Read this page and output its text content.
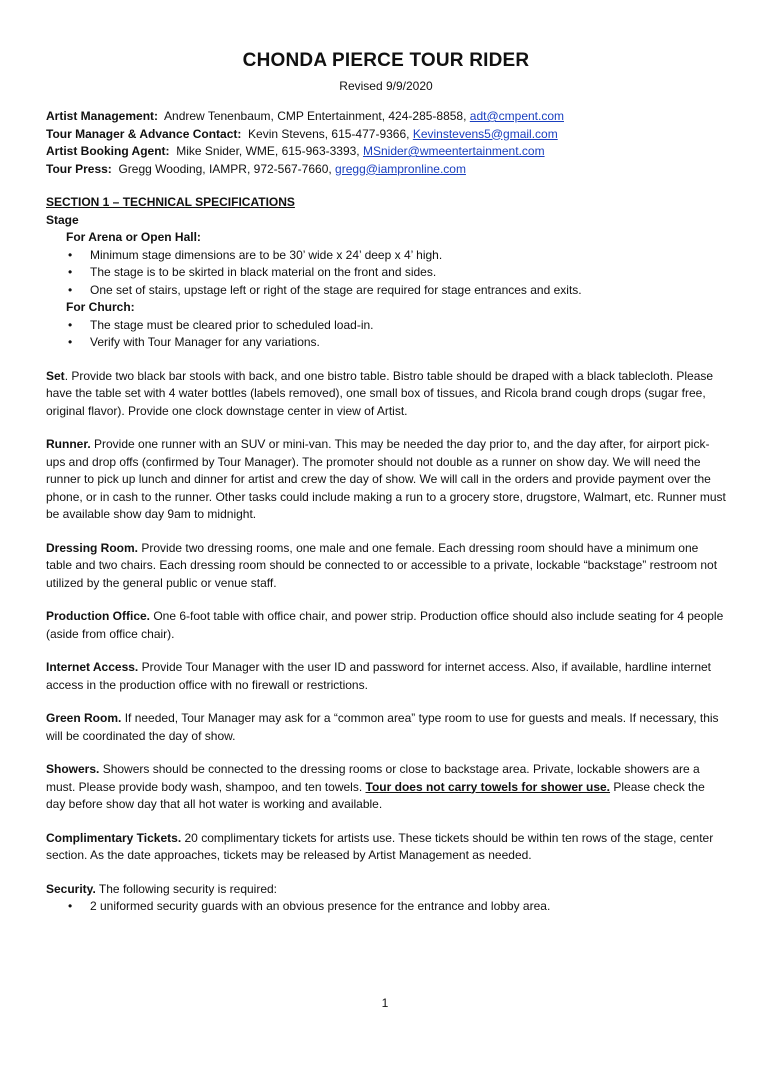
CHONDA PIERCE TOUR RIDER
Revised 9/9/2020
Artist Management: Andrew Tenenbaum, CMP Entertainment, 424-285-8858, adt@cmpent.com
Tour Manager & Advance Contact: Kevin Stevens, 615-477-9366, Kevinstevens5@gmail.com
Artist Booking Agent: Mike Snider, WME, 615-963-3393, MSnider@wmeentertainment.com
Tour Press: Gregg Wooding, IAMPR, 972-567-7660, gregg@iampronline.com
SECTION 1 – TECHNICAL SPECIFICATIONS
Stage
For Arena or Open Hall:
• Minimum stage dimensions are to be 30’ wide x 24’ deep x 4’ high.
• The stage is to be skirted in black material on the front and sides.
• One set of stairs, upstage left or right of the stage are required for stage entrances and exits.
For Church:
• The stage must be cleared prior to scheduled load-in.
• Verify with Tour Manager for any variations.

Set. Provide two black bar stools with back, and one bistro table. Bistro table should be draped with a black tablecloth. Please have the table set with 4 water bottles (labels removed), one small box of tissues, and Ricola brand cough drops (sugar free, original flavor). Provide one clock downstage center in view of Artist.

Runner. Provide one runner with an SUV or mini-van. This may be needed the day prior to, and the day after, for airport pick-ups and drop offs (confirmed by Tour Manager). The promoter should not double as a runner on show day. We will need the runner to pick up lunch and dinner for artist and crew the day of show. We will call in the orders and provide payment over the phone, or in cash to the runner. Other tasks could include making a run to a grocery store, drugstore, Walmart, etc. Runner must be available show day 9am to midnight.

Dressing Room. Provide two dressing rooms, one male and one female. Each dressing room should have a minimum one table and two chairs. Each dressing room should be connected to or accessible to a private, lockable “backstage” restroom not utilized by the general public or venue staff.

Production Office. One 6-foot table with office chair, and power strip. Production office should also include seating for 4 people (aside from office chair).

Internet Access. Provide Tour Manager with the user ID and password for internet access. Also, if available, hardline internet access in the production office with no firewall or restrictions.

Green Room. If needed, Tour Manager may ask for a “common area” type room to use for guests and meals. If necessary, this will be coordinated the day of show.

Showers. Showers should be connected to the dressing rooms or close to backstage area. Private, lockable showers are a must. Please provide body wash, shampoo, and ten towels. Tour does not carry towels for shower use. Please check the day before show day that all hot water is working and available.

Complimentary Tickets. 20 complimentary tickets for artists use. These tickets should be within ten rows of the stage, center section. As the date approaches, tickets may be released by Artist Management as needed.

Security. The following security is required:

• 2 uniformed security guards with an obvious presence for the entrance and lobby area.
1
